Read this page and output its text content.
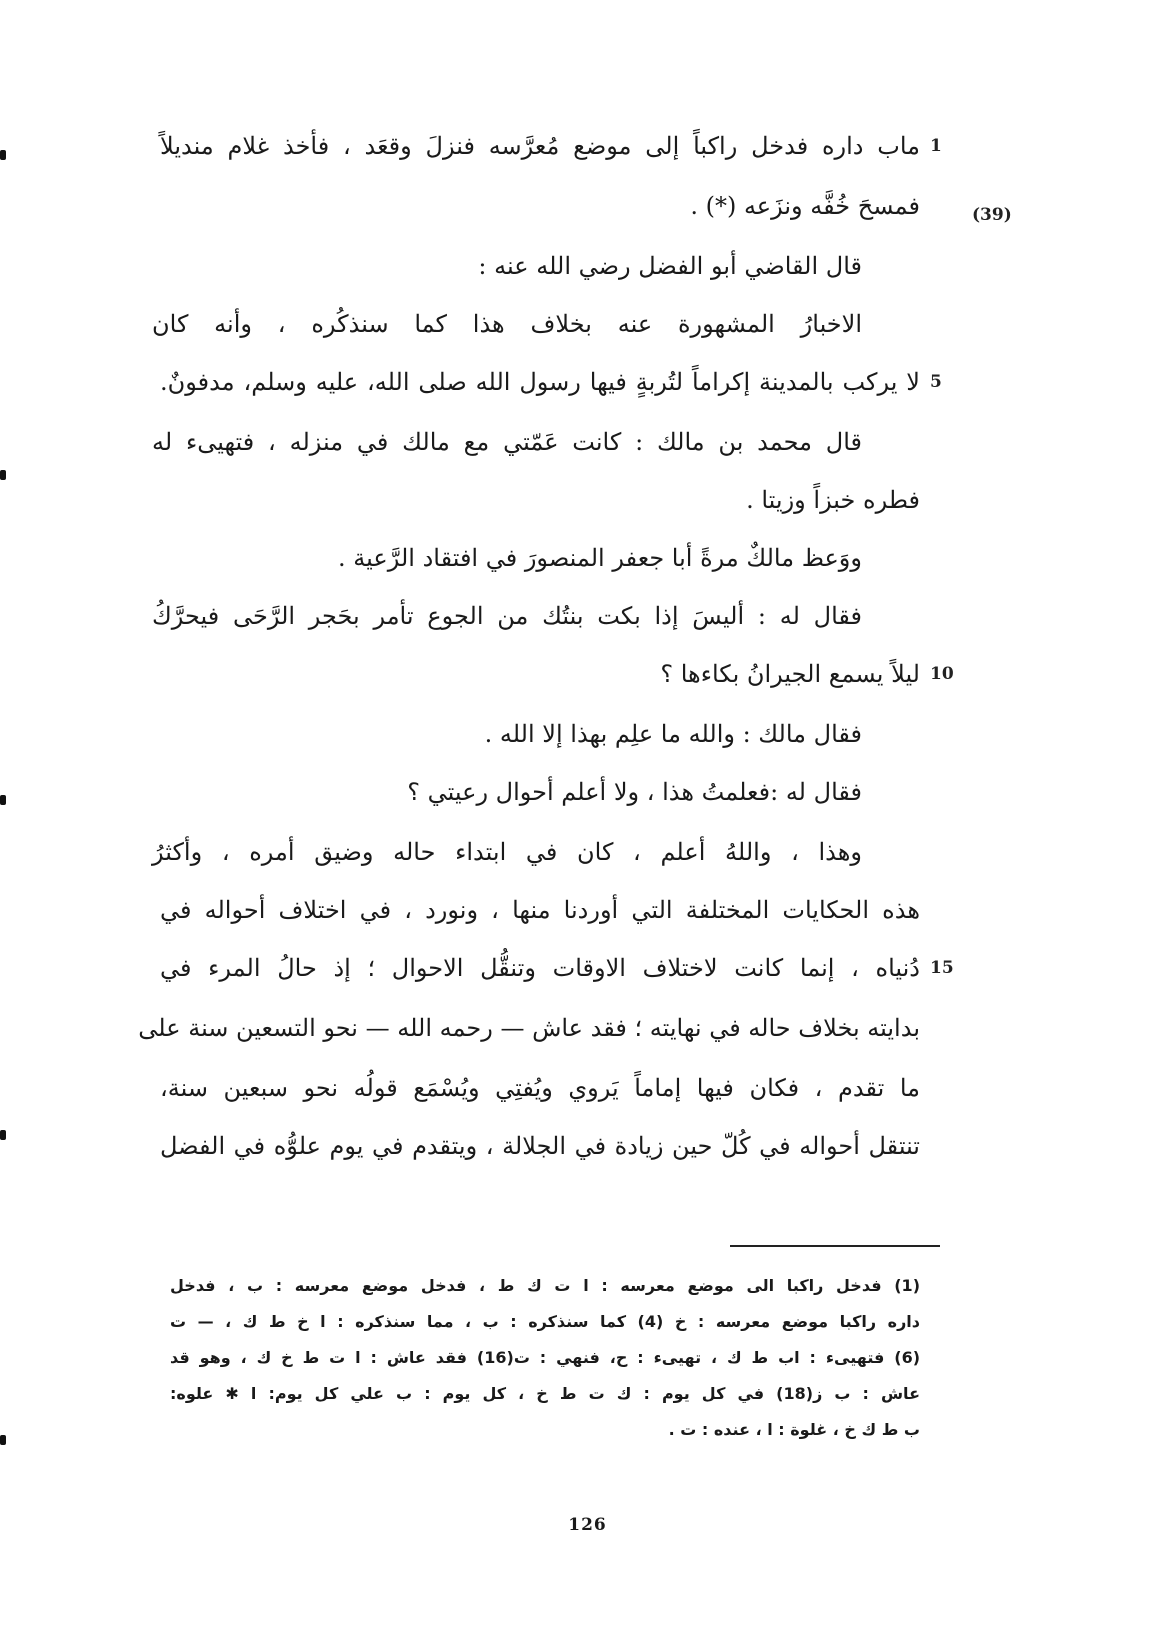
(39)
ماب داره فدخل راكباً إلى موضع مُعرَّسه فنزلَ وقعَد ، فأخذ غلام منديلاً 1
فمسحَ خُفَّه ونزَعه (*) .
قال القاضي أبو الفضل رضي الله عنه :
الاخبارُ المشهورة عنه بخلاف هذا كما سنذكُره ، وأنه كان
لا يركب بالمدينة إكراماً لتُربةٍ فيها رسول الله صلى الله، عليه وسلم، مدفونٌ. 5
قال محمد بن مالك : كانت عَمّتي مع مالك في منزله ، فتهيىء له
فطره خبزاً وزيتا .
ووَعظ مالكٌ مرةً أبا جعفر المنصورَ في افتقاد الرَّعية .
فقال له : أليسَ إذا بكت بنتُك من الجوع تأمر بحَجر الرَّحَى فيحرَّكُ
ليلاً يسمع الجيرانُ بكاءها ؟ 10
فقال مالك : والله ما علِم بهذا إلا الله .
فقال له :فعلمتُ هذا ، ولا أعلم أحوال رعيتي ؟
وهذا ، واللهُ أعلم ، كان في ابتداء حاله وضيق أمره ، وأكثرُ
هذه الحكايات المختلفة التي أوردنا منها ، ونورد ، في اختلاف أحواله في
دُنياه ، إنما كانت لاختلاف الاوقات وتنقُّل الاحوال ؛ إذ حالُ المرء في 15
بدايته بخلاف حاله في نهايته ؛ فقد عاش — رحمه الله — نحو التسعين سنة على
ما تقدم ، فكان فيها إماماً يَروي ويُفتِي ويُسْمَع قولُه نحو سبعين سنة،
تنتقل أحواله في كُلّ حين زيادة في الجلالة ، ويتقدم في يوم علوُّه في الفضل
(1) فدخل راكبا الى موضع معرسه : ا ت ك ط ، فدخل موضع معرسه : ب ، فدخل
داره راكبا موضع معرسه : خ (4) كما سنذكره : ب ، مما سنذكره : ا خ ط ك ، — ت
(6) فتهيىء : اب ط ك ، تهيىء : ح، فنهي : ت(16) فقد عاش : ا ت ط خ ك ، وهو قد
عاش : ب ز(18) في كل يوم : ك ت ط خ ، كل يوم : ب علي كل يوم: ا ✱ علوه:
ب ط ك خ ، غلوة : ا ، عنده : ت .
126
